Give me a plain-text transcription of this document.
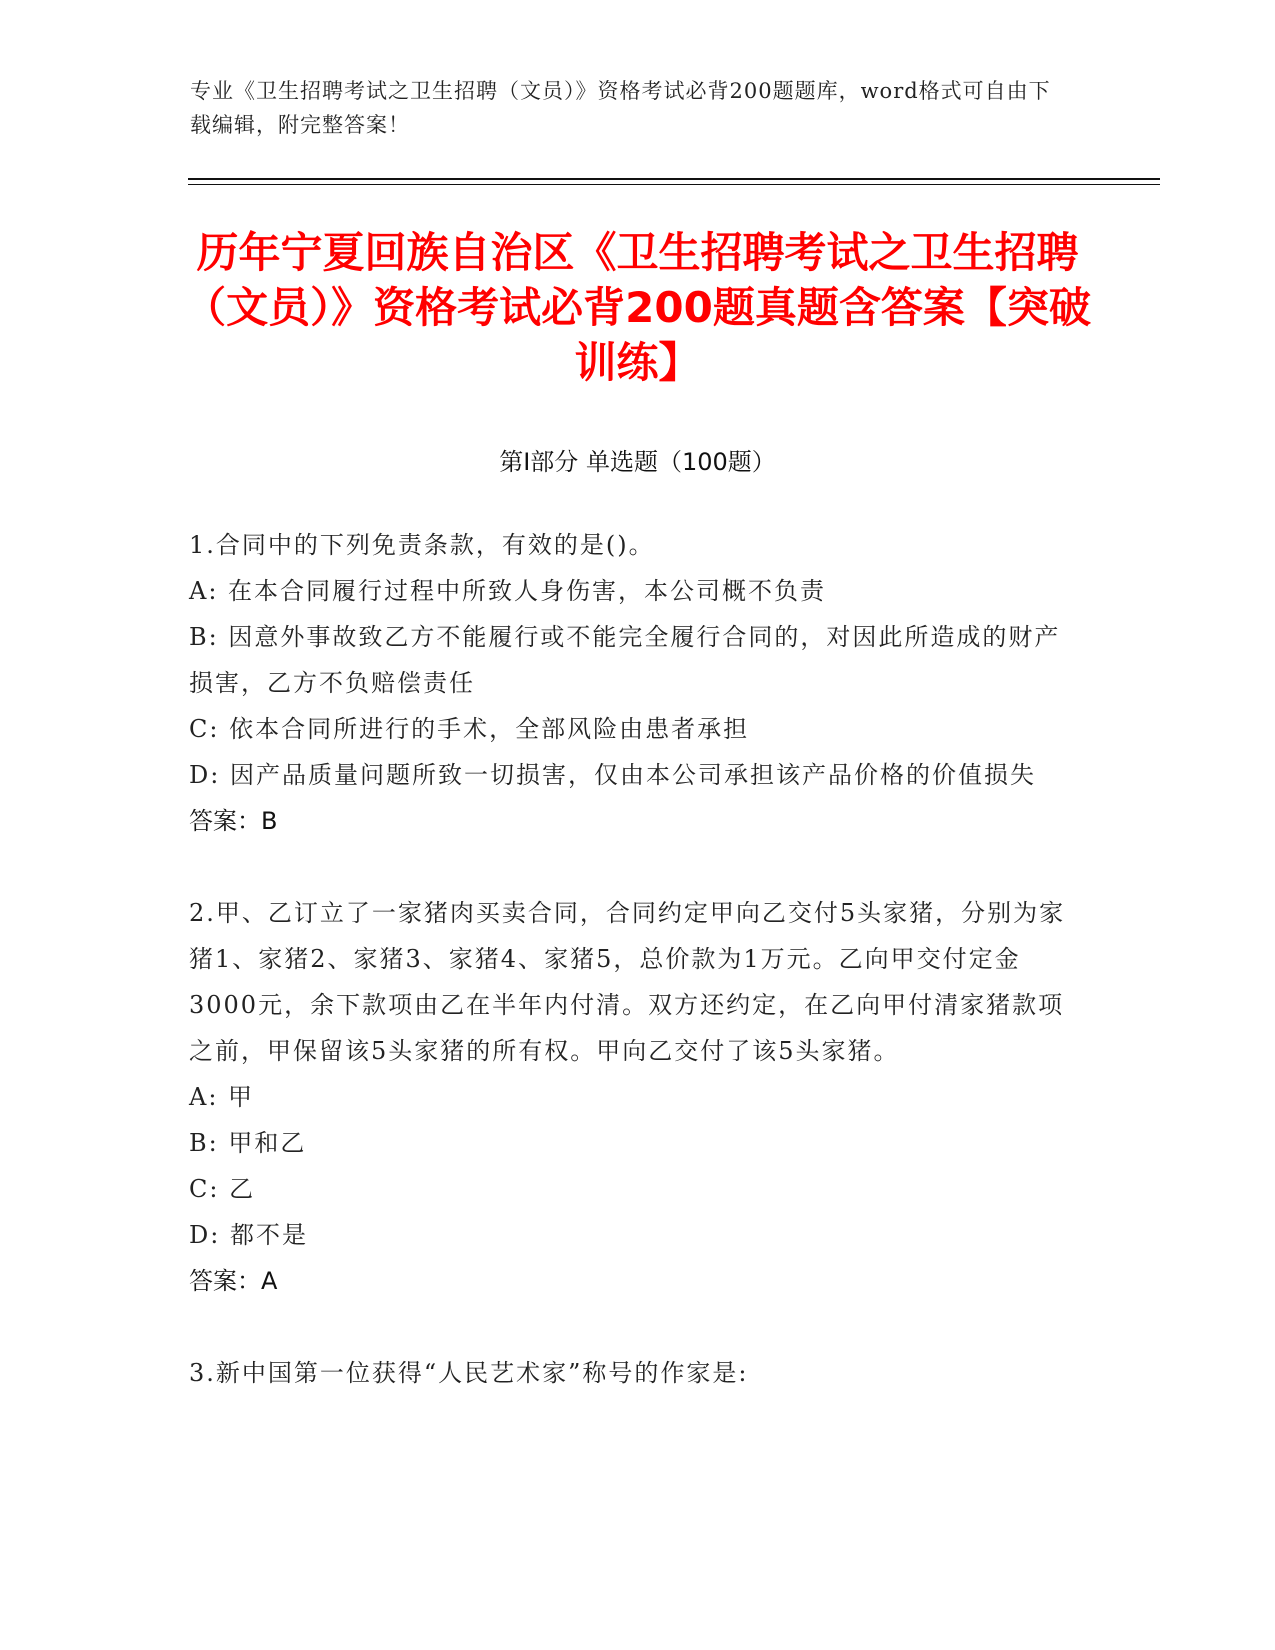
专业《卫生招聘考试之卫生招聘（文员）》资格考试必背200题题库，word格式可自由下载编辑，附完整答案！
历年宁夏回族自治区《卫生招聘考试之卫生招聘（文员）》资格考试必背200题真题含答案【突破训练】
第Ⅰ部分 单选题（100题）
1.合同中的下列免责条款，有效的是()。
A: 在本合同履行过程中所致人身伤害，本公司概不负责
B: 因意外事故致乙方不能履行或不能完全履行合同的，对因此所造成的财产损害，乙方不负赔偿责任
C: 依本合同所进行的手术，全部风险由患者承担
D: 因产品质量问题所致一切损害，仅由本公司承担该产品价格的价值损失
答案：B
2.甲、乙订立了一家猪肉买卖合同，合同约定甲向乙交付5头家猪，分别为家猪1、家猪2、家猪3、家猪4、家猪5，总价款为1万元。乙向甲交付定金3000元，余下款项由乙在半年内付清。双方还约定，在乙向甲付清家猪款项之前，甲保留该5头家猪的所有权。甲向乙交付了该5头家猪。
A: 甲
B: 甲和乙
C: 乙
D: 都不是
答案：A
3.新中国第一位获得“人民艺术家”称号的作家是:
